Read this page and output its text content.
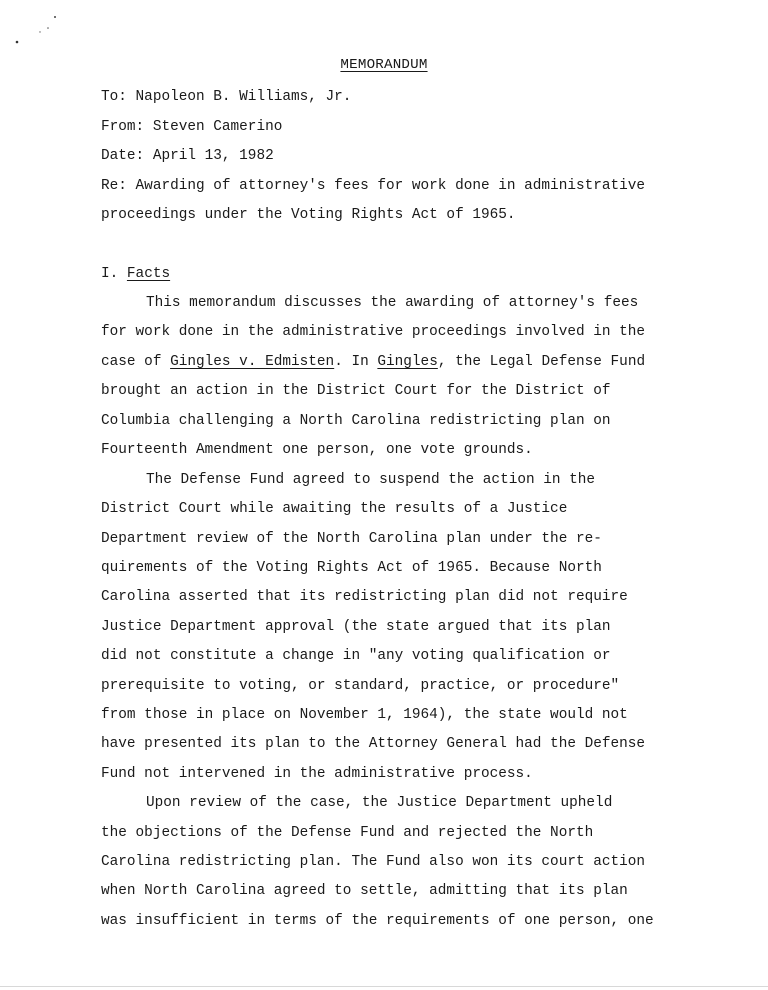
MEMORANDUM
To: Napoleon B. Williams, Jr.
From: Steven Camerino
Date: April 13, 1982
Re: Awarding of attorney's fees for work done in administrative
proceedings under the Voting Rights Act of 1965.
I. Facts
This memorandum discusses the awarding of attorney's fees
for work done in the administrative proceedings involved in the
case of Gingles v. Edmisten. In Gingles, the Legal Defense Fund
brought an action in the District Court for the District of
Columbia challenging a North Carolina redistricting plan on
Fourteenth Amendment one person, one vote grounds.
The Defense Fund agreed to suspend the action in the
District Court while awaiting the results of a Justice
Department review of the North Carolina plan under the re-
quirements of the Voting Rights Act of 1965. Because North
Carolina asserted that its redistricting plan did not require
Justice Department approval (the state argued that its plan
did not constitute a change in "any voting qualification or
prerequisite to voting, or standard, practice, or procedure"
from those in place on November 1, 1964), the state would not
have presented its plan to the Attorney General had the Defense
Fund not intervened in the administrative process.
Upon review of the case, the Justice Department upheld
the objections of the Defense Fund and rejected the North
Carolina redistricting plan. The Fund also won its court action
when North Carolina agreed to settle, admitting that its plan
was insufficient in terms of the requirements of one person, one
